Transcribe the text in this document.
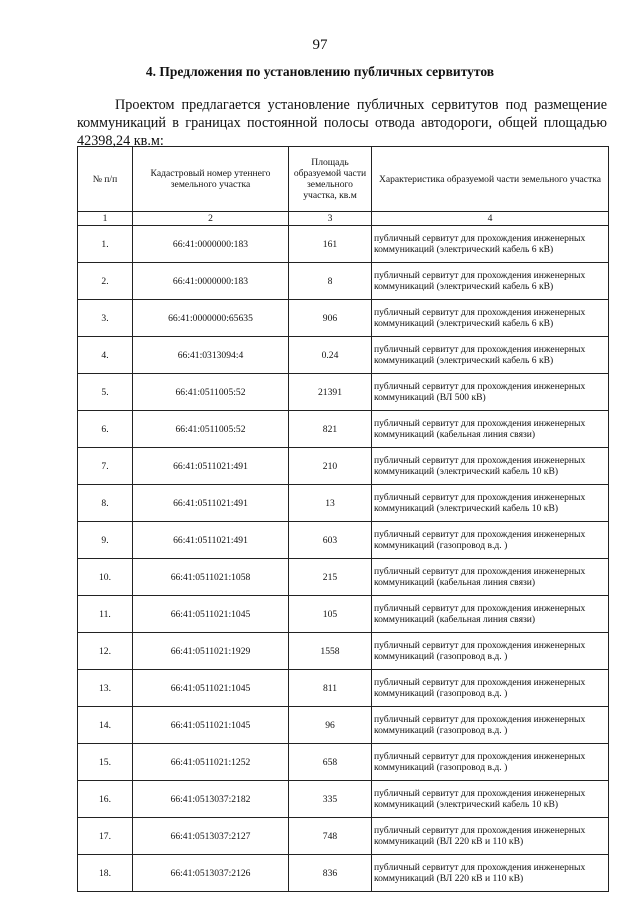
97
4. Предложения по установлению публичных сервитутов
Проектом предлагается установление публичных сервитутов под размещение коммуникаций в границах постоянной полосы отвода автодороги, общей площадью 42398,24 кв.м:
№ п/п	Кадастровый номер утеннего земельного участка	Площадь образуемой части земельного участка, кв.м	Характеристика образуемой части земельного участка
1	2	3	4
1.	66:41:0000000:183	161	публичный сервитут для прохождения инженерных коммуникаций (электрический кабель 6 кВ)
2.	66:41:0000000:183	8	публичный сервитут для прохождения инженерных коммуникаций (электрический кабель 6 кВ)
3.	66:41:0000000:65635	906	публичный сервитут для прохождения инженерных коммуникаций (электрический кабель 6 кВ)
4.	66:41:0313094:4	0.24	публичный сервитут для прохождения инженерных коммуникаций (электрический кабель 6 кВ)
5.	66:41:0511005:52	21391	публичный сервитут для прохождения инженерных коммуникаций (ВЛ 500 кВ)
6.	66:41:0511005:52	821	публичный сервитут для прохождения инженерных коммуникаций (кабельная линия связи)
7.	66:41:0511021:491	210	публичный сервитут для прохождения инженерных коммуникаций (электрический кабель 10 кВ)
8.	66:41:0511021:491	13	публичный сервитут для прохождения инженерных коммуникаций (электрический кабель 10 кВ)
9.	66:41:0511021:491	603	публичный сервитут для прохождения инженерных коммуникаций (газопровод в.д. )
10.	66:41:0511021:1058	215	публичный сервитут для прохождения инженерных коммуникаций (кабельная линия связи)
11.	66:41:0511021:1045	105	публичный сервитут для прохождения инженерных коммуникаций (кабельная линия связи)
12.	66:41:0511021:1929	1558	публичный сервитут для прохождения инженерных коммуникаций (газопровод в.д. )
13.	66:41:0511021:1045	811	публичный сервитут для прохождения инженерных коммуникаций (газопровод в.д. )
14.	66:41:0511021:1045	96	публичный сервитут для прохождения инженерных коммуникаций (газопровод в.д. )
15.	66:41:0511021:1252	658	публичный сервитут для прохождения инженерных коммуникаций (газопровод в.д. )
16.	66:41:0513037:2182	335	публичный сервитут для прохождения инженерных коммуникаций (электрический кабель 10 кВ)
17.	66:41:0513037:2127	748	публичный сервитут для прохождения инженерных коммуникаций (ВЛ 220 кВ и 110 кВ)
18.	66:41:0513037:2126	836	публичный сервитут для прохождения инженерных коммуникаций (ВЛ 220 кВ и 110 кВ)
